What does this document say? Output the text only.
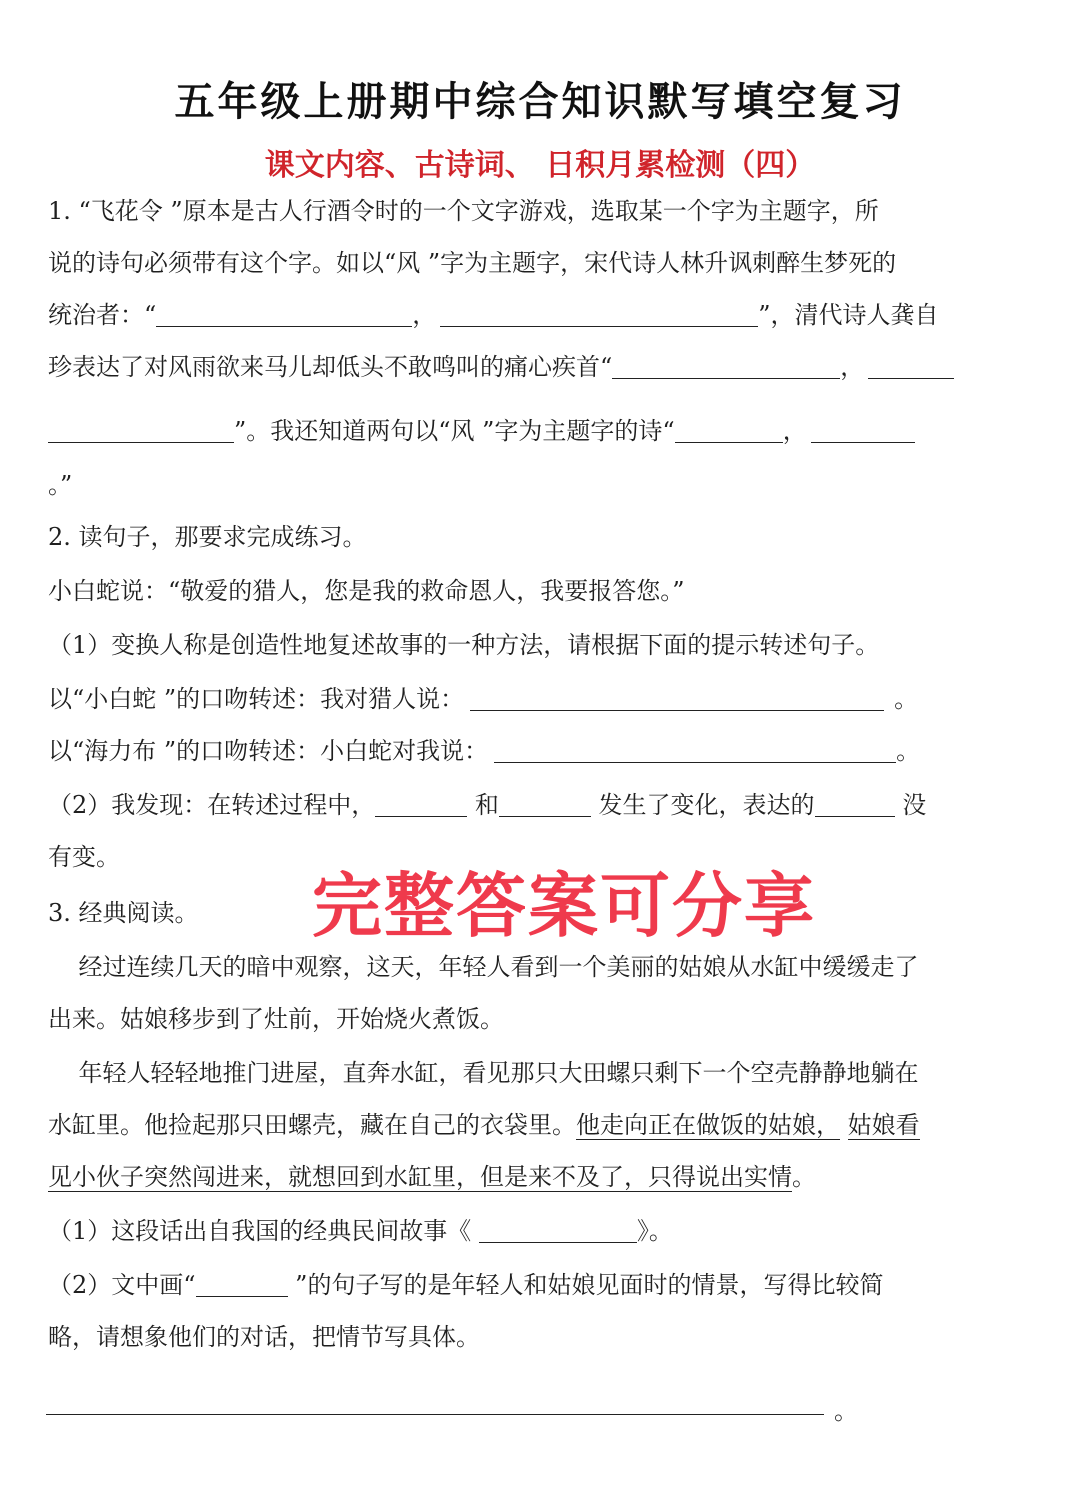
五年级上册期中综合知识默写填空复习
课文内容、古诗词、 日积月累检测（四）
1. “飞花令 ”原本是古人行酒令时的一个文字游戏，选取某一个字为主题字，所
说的诗句必须带有这个字。如以“风 ”字为主题字，宋代诗人林升讽刺醉生梦死的
统治者：“	，	”，清代诗人龚自
珍表达了对风雨欲来马儿却低头不敢鸣叫的痛心疾首“	，
”。我还知道两句以“风 ”字为主题字的诗“	，
。”
2. 读句子，那要求完成练习。
小白蛇说：“敬爱的猎人，您是我的救命恩人，我要报答您。”
（1）变换人称是创造性地复述故事的一种方法，请根据下面的提示转述句子。
以“小白蛇 ”的口吻转述：我对猎人说：	。
以“海力布 ”的口吻转述：小白蛇对我说：	。
（2）我发现：在转述过程中，	和	发生了变化，表达的	没
有变。
3. 经典阅读。
经过连续几天的暗中观察，这天，年轻人看到一个美丽的姑娘从水缸中缓缓走了
出来。姑娘移步到了灶前，开始烧火煮饭。
年轻人轻轻地推门进屋，直奔水缸，看见那只大田螺只剩下一个空壳静静地躺在
水缸里。他捡起那只田螺壳，藏在自己的衣袋里。他走向正在做饭的姑娘， 姑娘看
见小伙子突然闯进来，就想回到水缸里，但是来不及了，只得说出实情。
（1）这段话出自我国的经典民间故事《	》。
（2）文中画“	”的句子写的是年轻人和姑娘见面时的情景，写得比较简
略，请想象他们的对话，把情节写具体。
。
完整答案可分享
